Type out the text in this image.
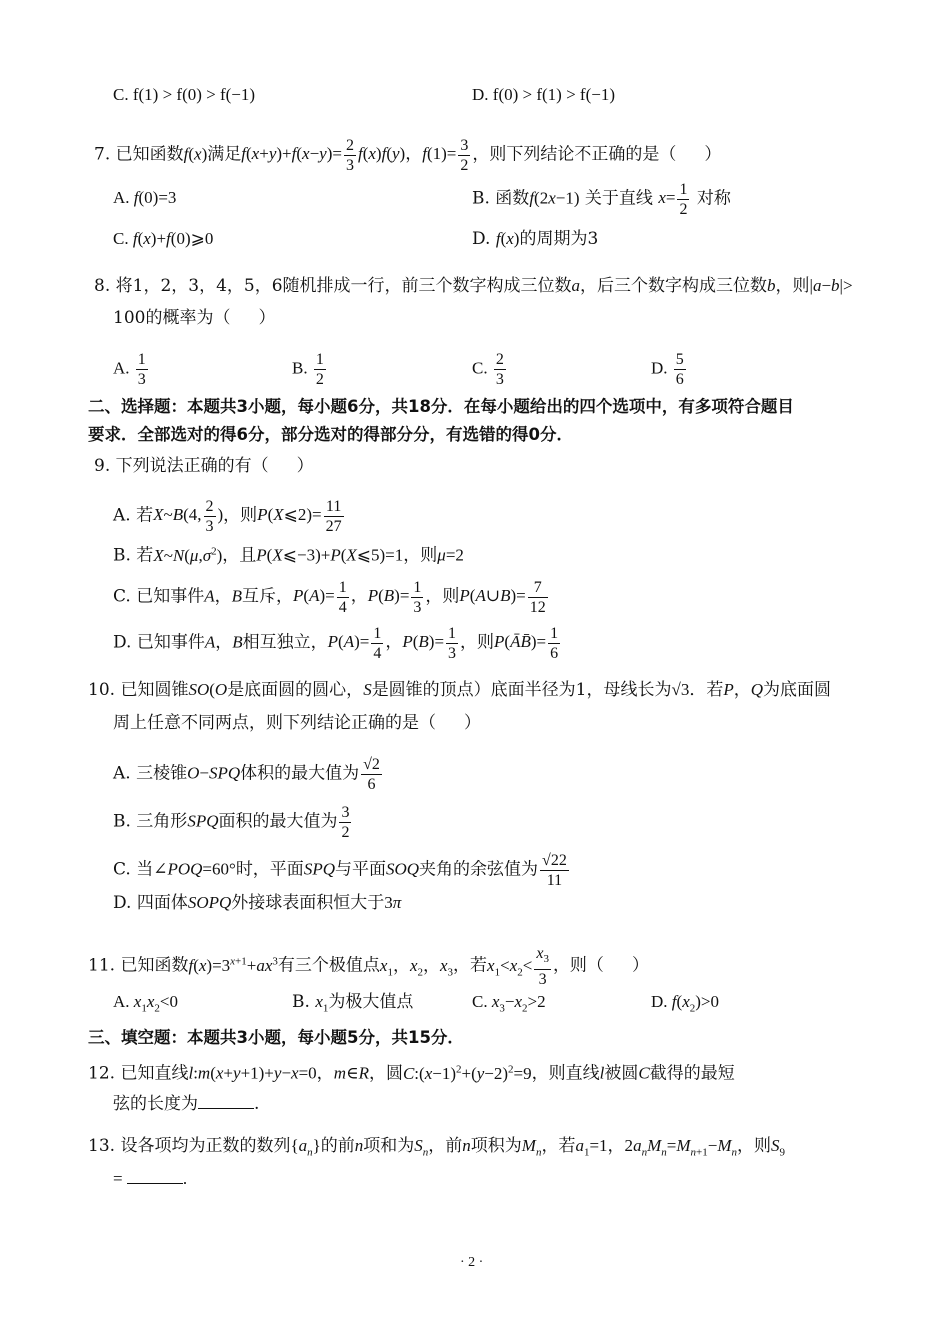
C. f(1) > f(0) > f(−1)	D. f(0) > f(1) > f(−1)
7. 已知函数f(x)满足$f(x+y)+f(x-y)= \frac{2}{3} f(x)f(y)$，$f(1)= \frac{3}{2}$ ，则下列结论不正确的是（ ）
A. f(0)=3	B. 函数f(2x−1) 关于直线 $x= \frac{1}{2}$ 对称
C. f(x)+f(0)⩾0	D. f(x)的周期为3
8. 将1，2，3，4，5，6随机排成一行，前三个数字构成三位数a，后三个数字构成三位数b，则|a−b|>
100的概率为（ ）
A. $\frac{1}{3}$	B. $\frac{1}{2}$	C. $\frac{2}{3}$	D. $\frac{5}{6}$
二、选择题：本题共3小题，每小题6分，共18分．在每小题给出的四个选项中，有多项符合题目
要求．全部选对的得6分，部分选对的得部分分，有选错的得0分．
9. 下列说法正确的有（ ）
A. 若X~B(4, $\frac{2}{3}$ )，则P(X⩽2)= $\frac{11}{27}$
B. 若$X\sim N(\mu,\sigma^2)$，且P(X⩽−3)+P(X⩽5)=1，则μ=2
C. 已知事件A，B互斥，$P(A)= \frac{1}{4}$ ，$P(B)= \frac{1}{3}$ ，则P(A∪B)= $\frac{7}{12}$
D. 已知事件A，B相互独立，$P(A)= \frac{1}{4}$ ，$P(B)= \frac{1}{3}$ ，则P(ĀB̄)= $\frac{1}{6}$
10. 已知圆锥SO(O是底面圆的圆心，S是圆锥的顶点）底面半径为1，母线长为√3．若P，Q为底面圆
周上任意不同两点，则下列结论正确的是（ ）
A. 三棱锥O−SPQ体积的最大值为 $\frac{√2}{6}$
B. 三角形SPQ面积的最大值为 $\frac{3}{2}$
C. 当∠POQ=60°时，平面SPQ与平面SOQ夹角的余弦值为 $\frac{√22}{11}$
D. 四面体SOPQ外接球表面积恒大于3π
11. 已知函数$f(x)=3^{x+1}+ax^3$有三个极值点$x_1$，$x_2$，$x_3$，若$x_1<x_2< \frac{x_3}{3}$ ，则（ ）
A. $x_1x_2<0$	B. $x_1$为极大值点	C. $x_3-x_2>2$	D. $f(x_2)>0$
三、填空题：本题共3小题，每小题5分，共15分．
12. 已知直线l:m(x+y+1)+y−x=0，m∈R，圆$C:(x-1)^2+(y-2)^2=9$，则直线l被圆C截得的最短
弦的长度为	.
13. 设各项均为正数的数列$\{a_n\}$的前n项和为$S_n$，前n项积为$M_n$，若$a_1=1$，$2a_nM_n=M_{n+1}-M_n$，则$S_9$
=	.
· 2 ·
